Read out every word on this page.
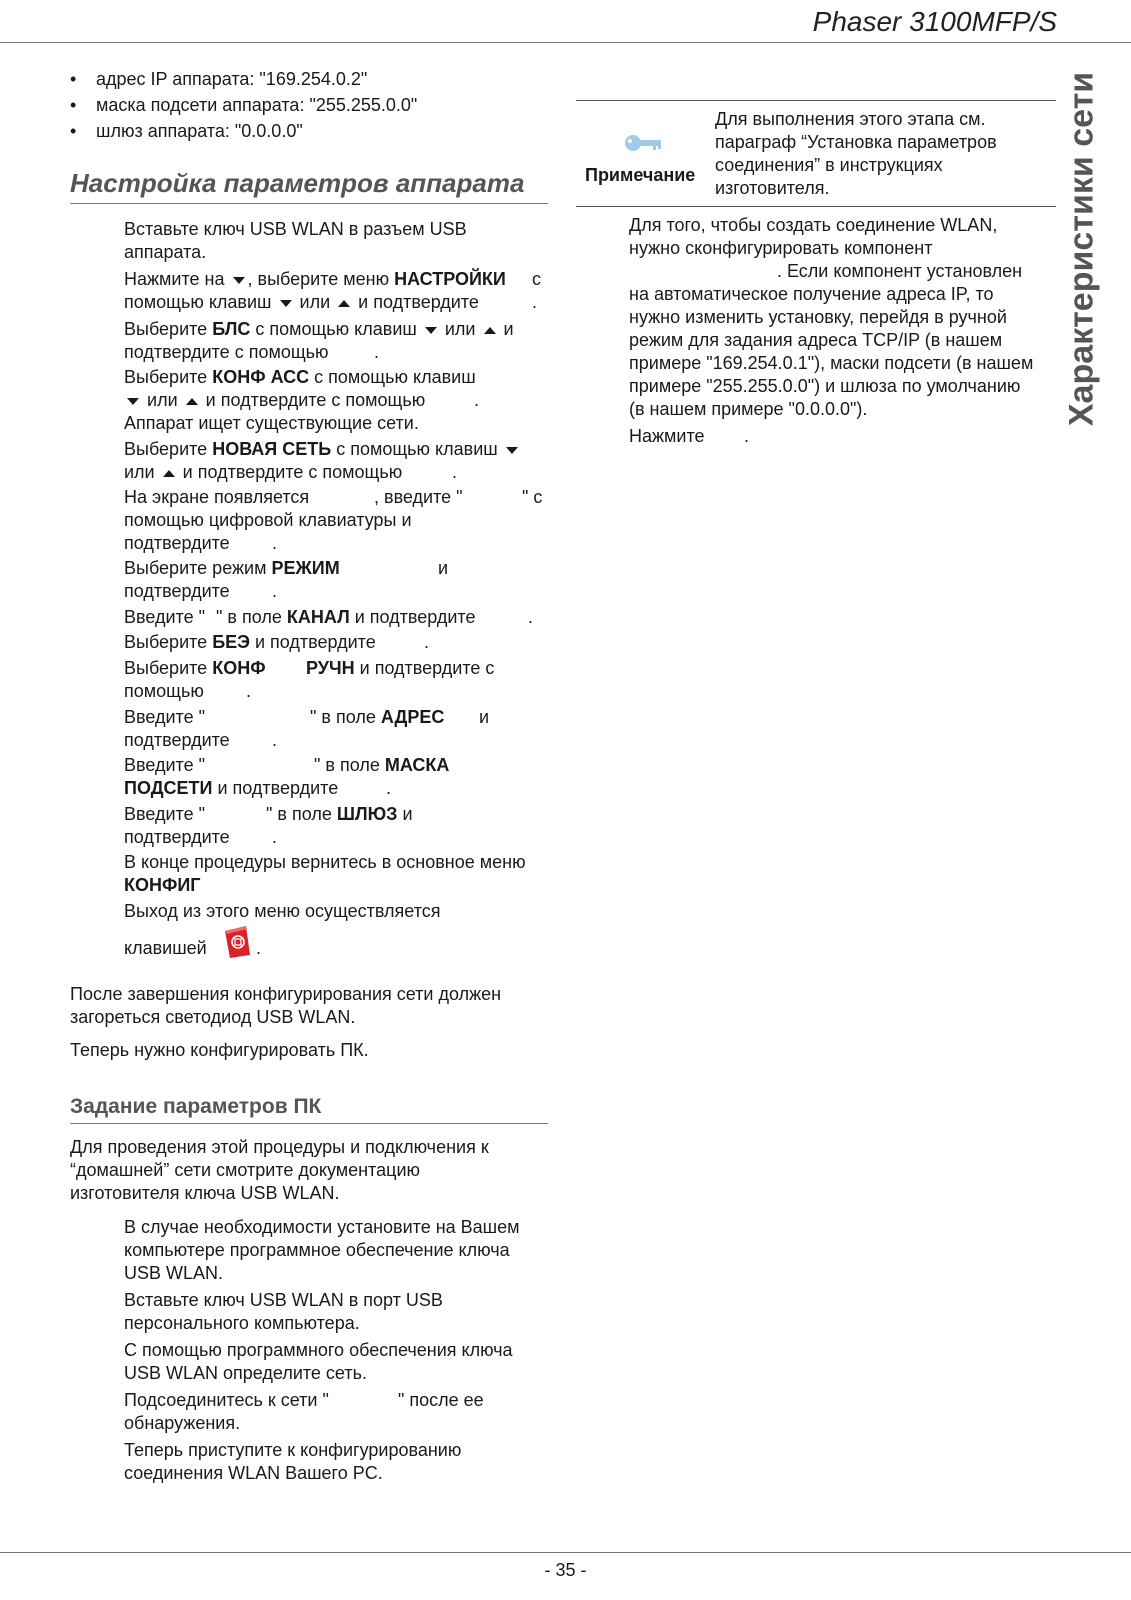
Phaser 3100MFP/S
Характеристики сети
• адрес IP аппарата: "169.254.0.2"
• маска подсети аппарата: "255.255.0.0"
• шлюз аппарата: "0.0.0.0"
Настройка параметров аппарата
Вставьте ключ USB WLAN в разъем USB
аппарата.
Нажмите на , выберите меню НАСТРОЙКИ с
помощью клавиш или и подтвердите	.
Выберите БЛС с помощью клавиш или и
подтвердите с помощью	.
Выберите КОНФ АСС с помощью клавиш
или и подтвердите с помощью	.
Аппарат ищет существующие сети.
Выберите НОВАЯ СЕТЬ с помощью клавиш
или и подтвердите с помощью	.
На экране появляется	, введите "	" с
помощью цифровой клавиатуры и
подтвердите .
Выберите режим РЕЖИМ	и
подтвердите .
Введите " " в поле КАНАЛ и подтвердите	.
Выберите БЕЭ и подтвердите	.
Выберите КОНФ РУЧН и подтвердите с
помощью .
Введите "	" в поле АДРЕС и
подтвердите .
Введите "	" в поле МАСКА
ПОДСЕТИ и подтвердите	.
Введите "	" в поле ШЛЮЗ и
подтвердите .
В конце процедуры вернитесь в основное меню
КОНФИГ
Выход из этого меню осуществляется
клавишей	.
После завершения конфигурирования сети должен
загореться светодиод USB WLAN.
Теперь нужно конфигурировать ПК.
Задание параметров ПК
Для проведения этой процедуры и подключения к
“домашней” сети смотрите документацию
изготовителя ключа USB WLAN.
В случае необходимости установите на Вашем
компьютере программное обеспечение ключа
USB WLAN.
Вставьте ключ USB WLAN в порт USB
персонального компьютера.
С помощью программного обеспечения ключа
USB WLAN определите сеть.
Подсоединитесь к сети "	" после ее
обнаружения.
Теперь приступите к конфигурированию
соединения WLAN Вашего PC.
Примечание
Для выполнения этого этапа см.
параграф “Установка параметров
соединения” в инструкциях
изготовителя.
Для того, чтобы создать соединение WLAN,
нужно сконфигурировать компонент
. Если компонент установлен
на автоматическое получение адреса IP, то
нужно изменить установку, перейдя в ручной
режим для задания адреса TCP/IP (в нашем
примере "169.254.0.1"), маски подсети (в нашем
примере "255.255.0.0") и шлюза по умолчанию
(в нашем примере "0.0.0.0").
Нажмите .
- 35 -
